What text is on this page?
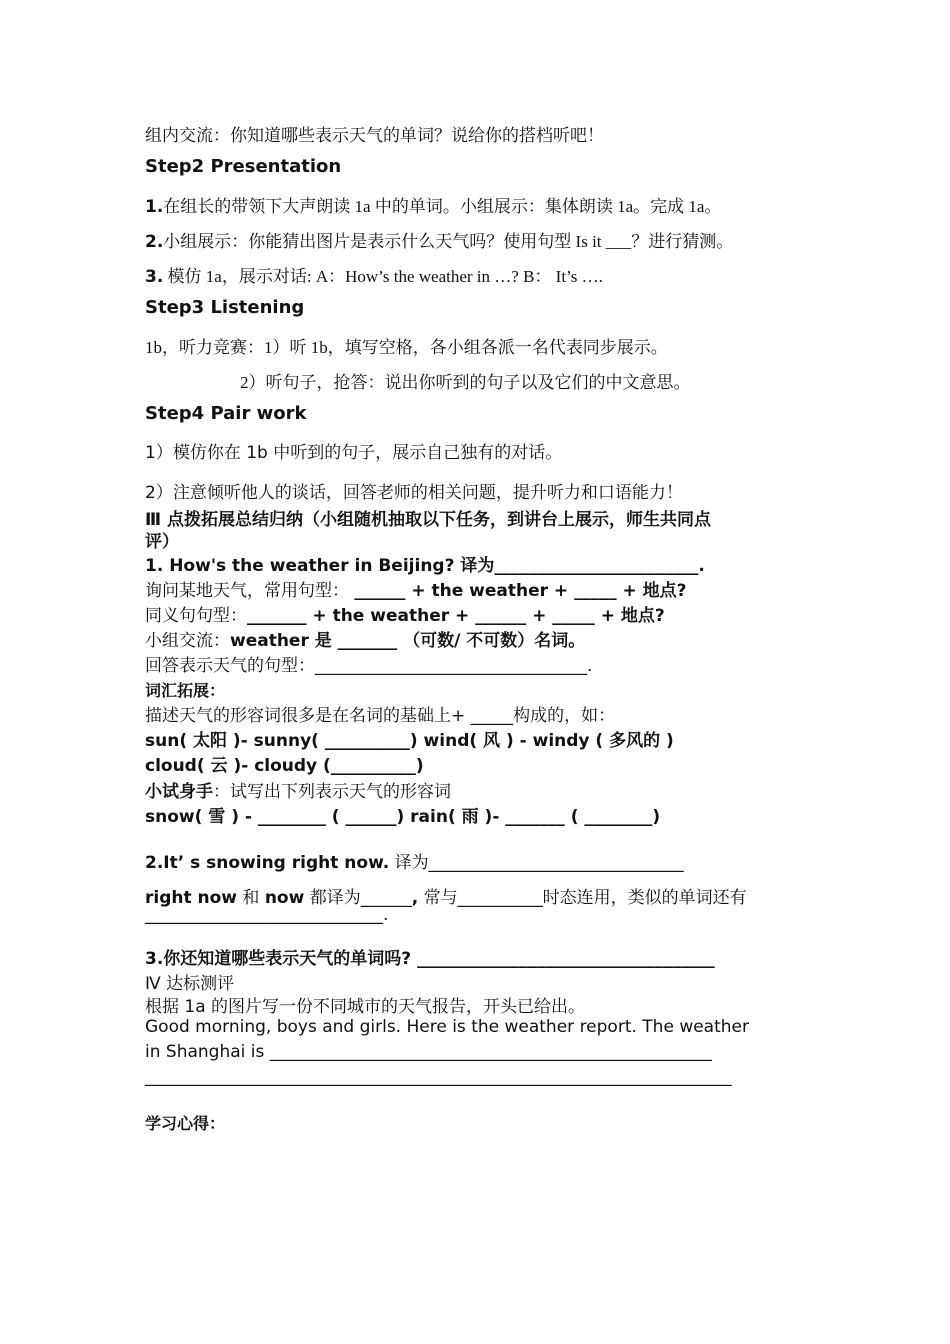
组内交流：你知道哪些表示天气的单词？说给你的搭档听吧！
Step2 Presentation
1.在组长的带领下大声朗读 1a 中的单词。小组展示：集体朗读 1a。完成 1a。
2.小组展示：你能猜出图片是表示什么天气吗？使用句型 Is it ___？进行猜测。
3. 模仿 1a，展示对话: A：How’s the weather in …? B： It’s ….
Step3 Listening
1b，听力竞赛：1）听 1b，填写空格，各小组各派一名代表同步展示。
2）听句子，抢答：说出你听到的句子以及它们的中文意思。
Step4 Pair work
1）模仿你在 1b 中听到的句子，展示自己独有的对话。
2）注意倾听他人的谈话，回答老师的相关问题，提升听力和口语能力！
Ⅲ 点拨拓展总结归纳（小组随机抽取以下任务，到讲台上展示，师生共同点
评）
1. How's the weather in Beijing? 译为________________________.
询问某地天气，常用句型： ______ + the weather + _____ + 地点?
同义句句型：_______ + the weather + ______ + _____ + 地点?
小组交流：weather 是 _______ （可数/ 不可数）名词。
回答表示天气的句型：________________________________.
词汇拓展：
描述天气的形容词很多是在名词的基础上+ _____构成的，如：
sun( 太阳 )- sunny( __________) wind( 风 ) - windy ( 多风的 )
cloud( 云 )- cloudy (__________)
小试身手：试写出下列表示天气的形容词
snow( 雪 ) - ________ ( ______) rain( 雨 )- _______ ( ________)
2.It’ s snowing right now. 译为______________________________
right now 和 now 都译为______, 常与__________时态连用，类似的单词还有
____________________________.
3.你还知道哪些表示天气的单词吗? ___________________________________
Ⅳ 达标测评
根据 1a 的图片写一份不同城市的天气报告，开头已给出。
Good morning, boys and girls. Here is the weather report. The weather
in Shanghai is ____________________________________________________
_____________________________________________________________________
学习心得：
